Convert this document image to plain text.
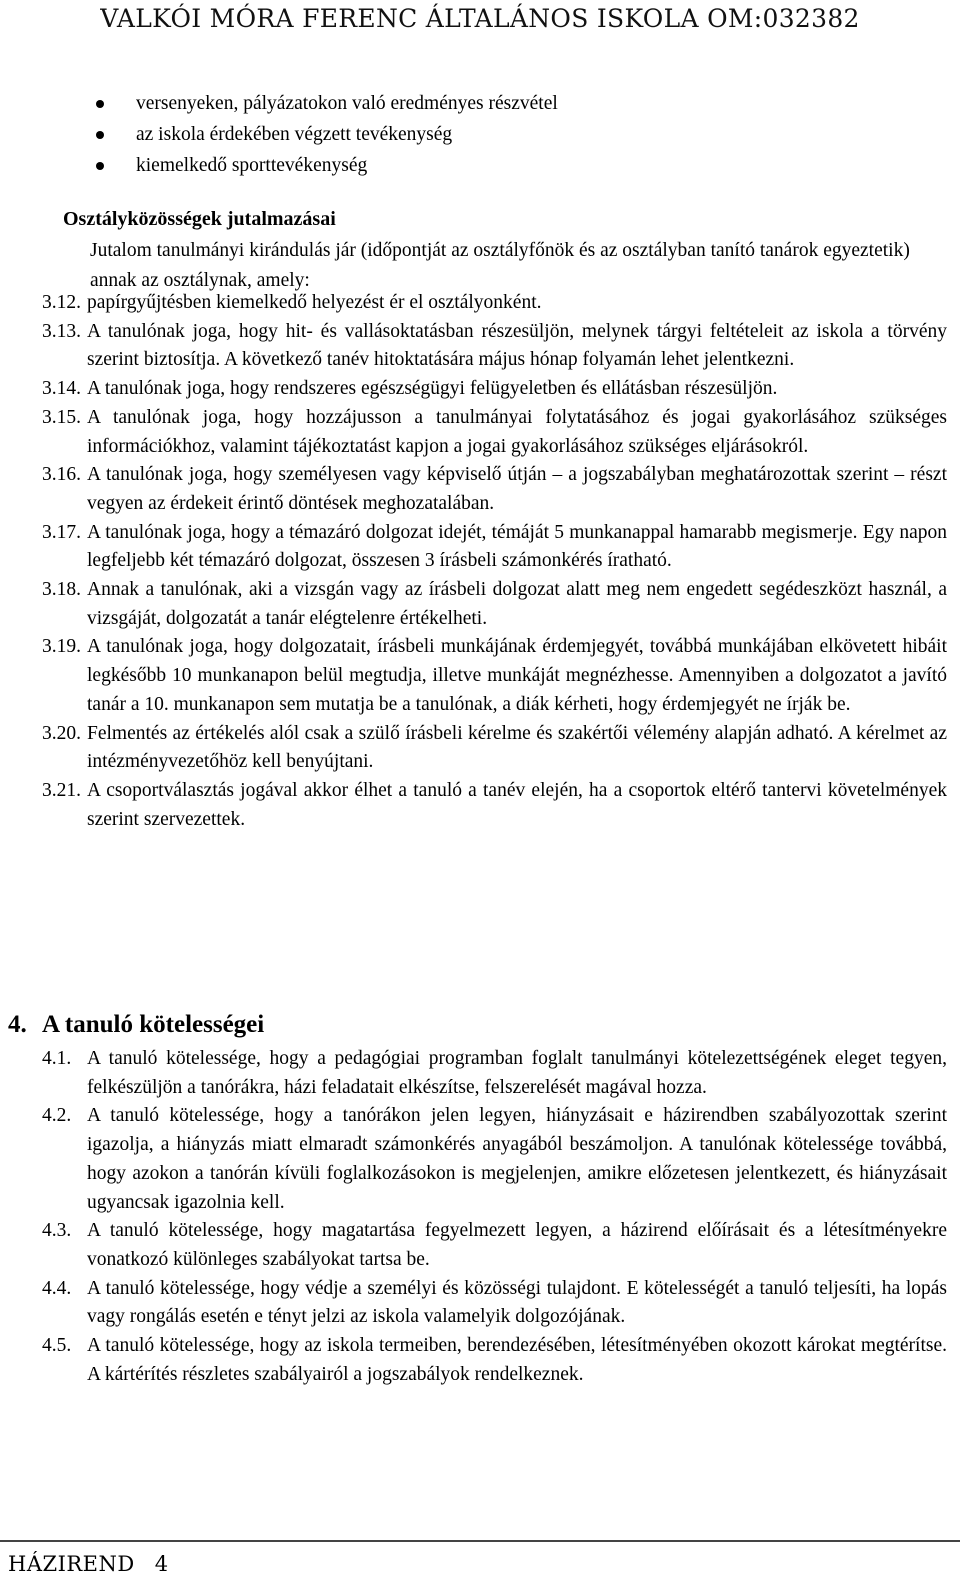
VALKÓI MÓRA FERENC ÁLTALÁNOS ISKOLA OM:032382
versenyeken, pályázatokon való eredményes részvétel
az iskola érdekében végzett tevékenység
kiemelkedő sporttevékenység
Osztályközösségek jutalmazásai
Jutalom tanulmányi kirándulás jár (időpontját az osztályfőnök és az osztályban tanító tanárok egyeztetik) annak az osztálynak, amely:
3.12. papírgyűjtésben kiemelkedő helyezést ér el osztályonként.
3.13. A tanulónak joga, hogy hit- és vallásoktatásban részesüljön, melynek tárgyi feltételeit az iskola a törvény szerint biztosítja. A következő tanév hitoktatására május hónap folyamán lehet jelentkezni.
3.14. A tanulónak joga, hogy rendszeres egészségügyi felügyeletben és ellátásban részesüljön.
3.15. A tanulónak joga, hogy hozzájusson a tanulmányai folytatásához és jogai gyakorlásához szükséges információkhoz, valamint tájékoztatást kapjon a jogai gyakorlásához szükséges eljárásokról.
3.16. A tanulónak joga, hogy személyesen vagy képviselő útján – a jogszabályban meghatározottak szerint – részt vegyen az érdekeit érintő döntések meghozatalában.
3.17. A tanulónak joga, hogy a témazáró dolgozat idejét, témáját 5 munkanappal hamarabb megismerje. Egy napon legfeljebb két témazáró dolgozat, összesen 3 írásbeli számonkérés íratható.
3.18. Annak a tanulónak, aki a vizsgán vagy az írásbeli dolgozat alatt meg nem engedett segédeszközt használ, a vizsgáját, dolgozatát a tanár elégtelenre értékelheti.
3.19. A tanulónak joga, hogy dolgozatait, írásbeli munkájának érdemjegyét, továbbá munkájában elkövetett hibáit legkésőbb 10 munkanapon belül megtudja, illetve munkáját megnézhesse. Amennyiben a dolgozatot a javító tanár a 10. munkanapon sem mutatja be a tanulónak, a diák kérheti, hogy érdemjegyét ne írják be.
3.20. Felmentés az értékelés alól csak a szülő írásbeli kérelme és szakértői vélemény alapján adható. A kérelmet az intézményvezetőhöz kell benyújtani.
3.21. A csoportválasztás jogával akkor élhet a tanuló a tanév elején, ha a csoportok eltérő tantervi követelmények szerint szervezettek.
4. A tanuló kötelességei
4.1. A tanuló kötelessége, hogy a pedagógiai programban foglalt tanulmányi kötelezettségének eleget tegyen, felkészüljön a tanórákra, házi feladatait elkészítse, felszerelését magával hozza.
4.2. A tanuló kötelessége, hogy a tanórákon jelen legyen, hiányzásait e házirendben szabályozottak szerint igazolja, a hiányzás miatt elmaradt számonkérés anyagából beszámoljon. A tanulónak kötelessége továbbá, hogy azokon a tanórán kívüli foglalkozásokon is megjelenjen, amikre előzetesen jelentkezett, és hiányzásait ugyancsak igazolnia kell.
4.3. A tanuló kötelessége, hogy magatartása fegyelmezett legyen, a házirend előírásait és a létesítményekre vonatkozó különleges szabályokat tartsa be.
4.4. A tanuló kötelessége, hogy védje a személyi és közösségi tulajdont. E kötelességét a tanuló teljesíti, ha lopás vagy rongálás esetén e tényt jelzi az iskola valamelyik dolgozójának.
4.5. A tanuló kötelessége, hogy az iskola termeiben, berendezésében, létesítményében okozott károkat megtérítse. A kártérítés részletes szabályairól a jogszabályok rendelkeznek.
HÁZIREND 4
